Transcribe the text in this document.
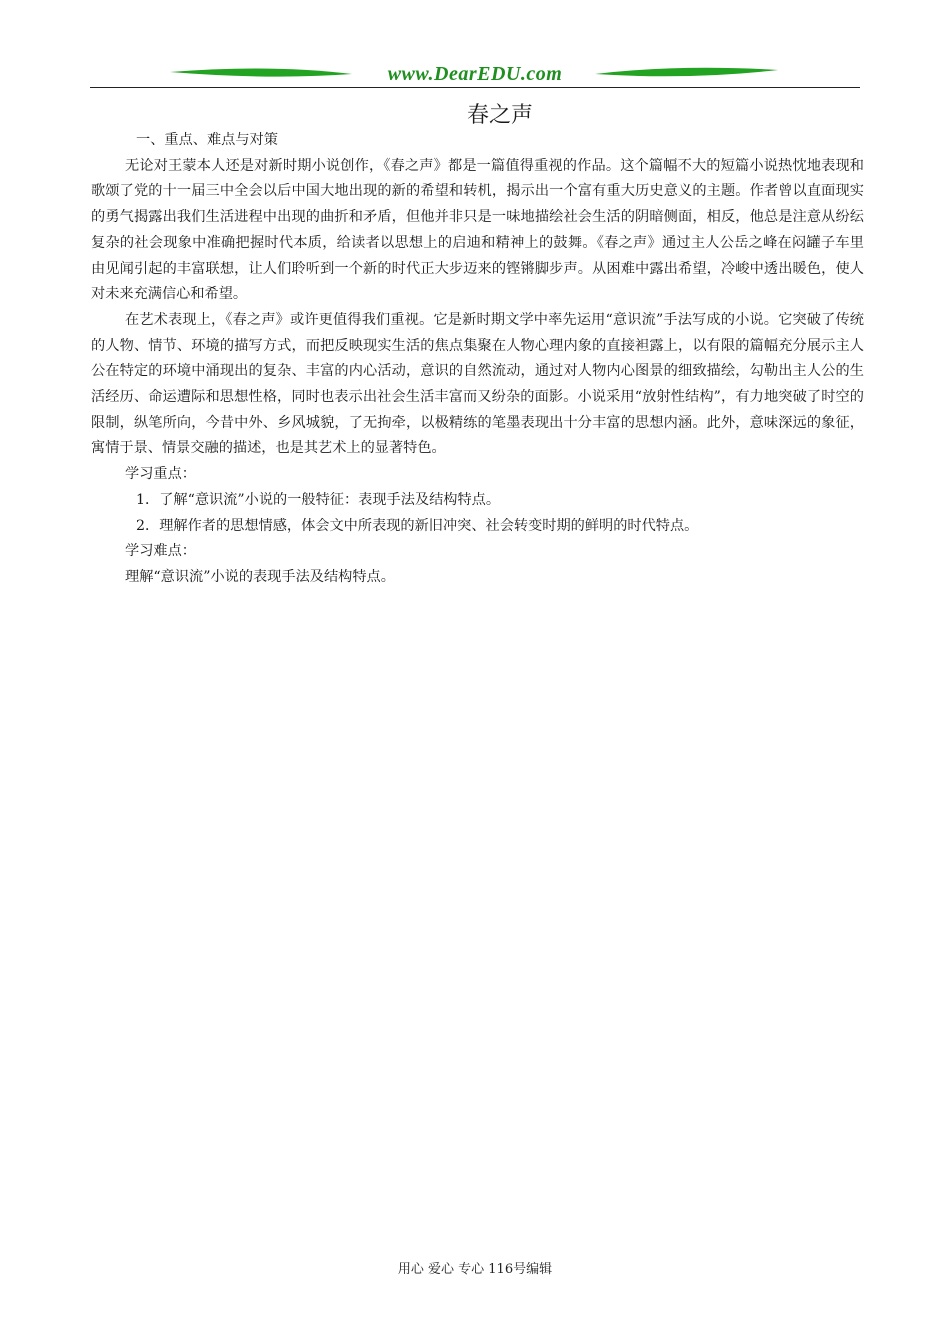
www.DearEDU.com
春之声
一、重点、难点与对策

无论对王蒙本人还是对新时期小说创作，《春之声》都是一篇值得重视的作品。这个篇幅不大的短篇小说热忱地表现和歌颂了党的十一届三中全会以后中国大地出现的新的希望和转机，揭示出一个富有重大历史意义的主题。作者曾以直面现实的勇气揭露出我们生活进程中出现的曲折和矛盾，但他并非只是一味地描绘社会生活的阴暗侧面，相反，他总是注意从纷纭复杂的社会现象中准确把握时代本质，给读者以思想上的启迪和精神上的鼓舞。《春之声》通过主人公岳之峰在闷罐子车里由见闻引起的丰富联想，让人们聆听到一个新的时代正大步迈来的铿锵脚步声。从困难中露出希望，冷峻中透出暖色，使人对未来充满信心和希望。

在艺术表现上，《春之声》或许更值得我们重视。它是新时期文学中率先运用“意识流”手法写成的小说。它突破了传统的人物、情节、环境的描写方式，而把反映现实生活的焦点集聚在人物心理内象的直接袒露上，以有限的篇幅充分展示主人公在特定的环境中涌现出的复杂、丰富的内心活动，意识的自然流动，通过对人物内心图景的细致描绘，勾勒出主人公的生活经历、命运遭际和思想性格，同时也表示出社会生活丰富而又纷杂的面影。小说采用“放射性结构”，有力地突破了时空的限制，纵笔所向，今昔中外、乡风城貌，了无拘牵，以极精练的笔墨表现出十分丰富的思想内涵。此外，意味深远的象征，寓情于景、情景交融的描述，也是其艺术上的显著特色。

学习重点：

1．了解“意识流”小说的一般特征：表现手法及结构特点。

2．理解作者的思想情感，体会文中所表现的新旧冲突、社会转变时期的鲜明的时代特点。

学习难点：

理解“意识流”小说的表现手法及结构特点。

用心 爱心 专心 116号编辑
